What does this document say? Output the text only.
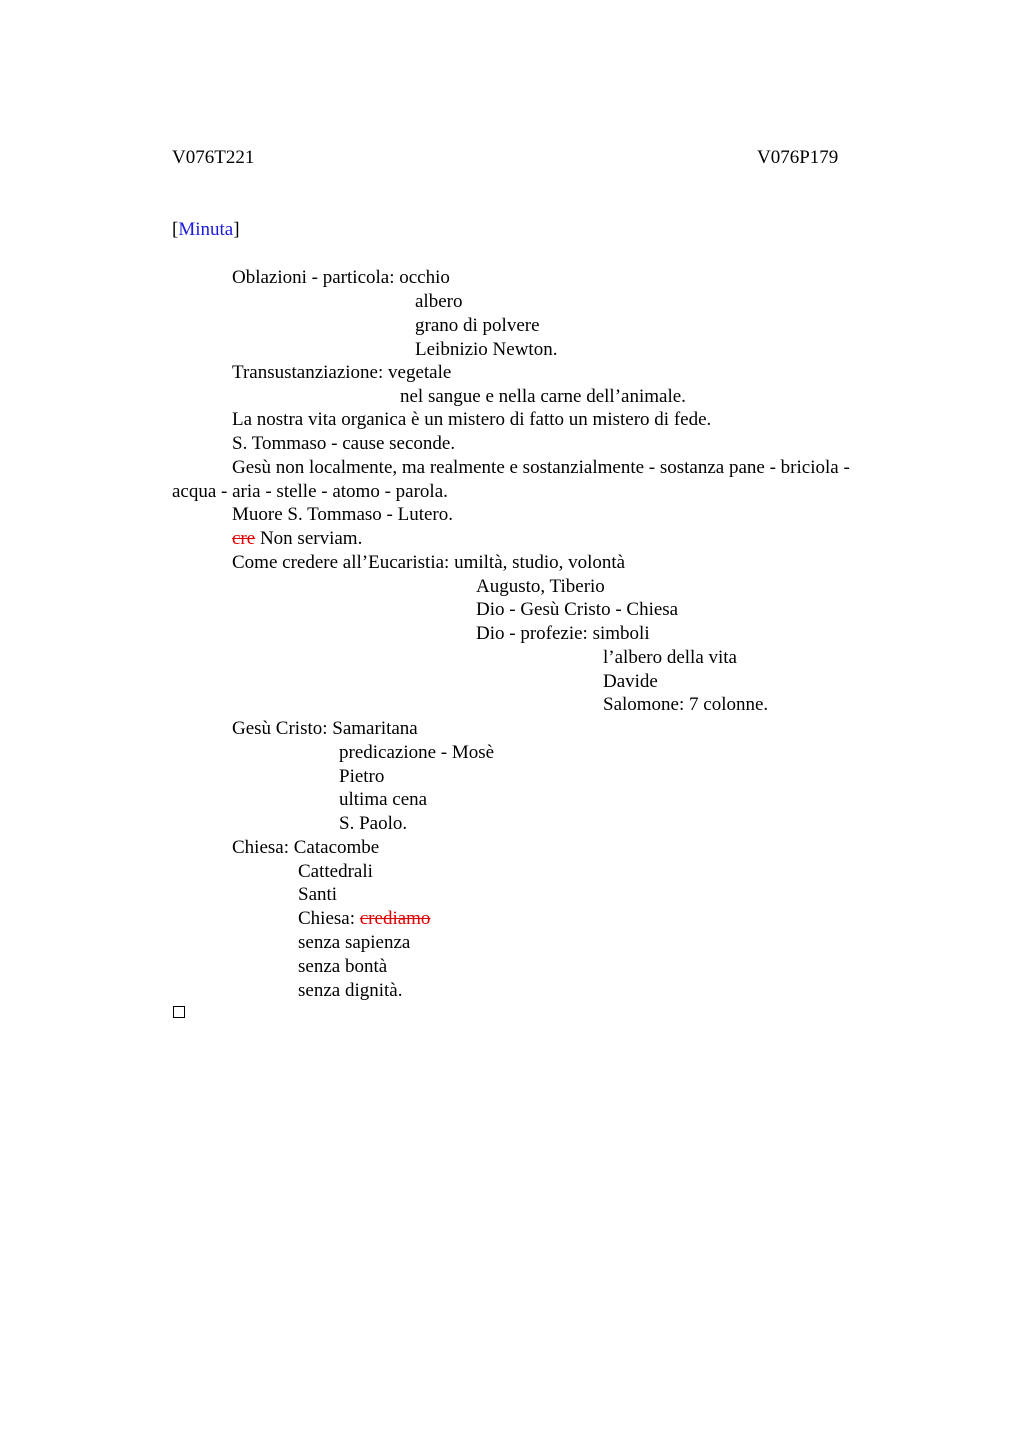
V076T221	V076P179
[Minuta]
Oblazioni - particola: occhio
albero
grano di polvere
Leibnizio Newton.
Transustanziazione: vegetale
nel sangue e nella carne dell’animale.
La nostra vita organica è un mistero di fatto un mistero di fede.
S. Tommaso - cause seconde.
Gesù non localmente, ma realmente e sostanzialmente - sostanza pane - briciola -
acqua - aria - stelle - atomo - parola.
Muore S. Tommaso - Lutero.
cre Non serviam.
Come credere all’Eucaristia: umiltà, studio, volontà
Augusto, Tiberio
Dio - Gesù Cristo - Chiesa
Dio - profezie: simboli
l’albero della vita
Davide
Salomone: 7 colonne.
Gesù Cristo: Samaritana
predicazione - Mosè
Pietro
ultima cena
S. Paolo.
Chiesa: Catacombe
Cattedrali
Santi
Chiesa: crediamo
senza sapienza
senza bontà
senza dignità.
